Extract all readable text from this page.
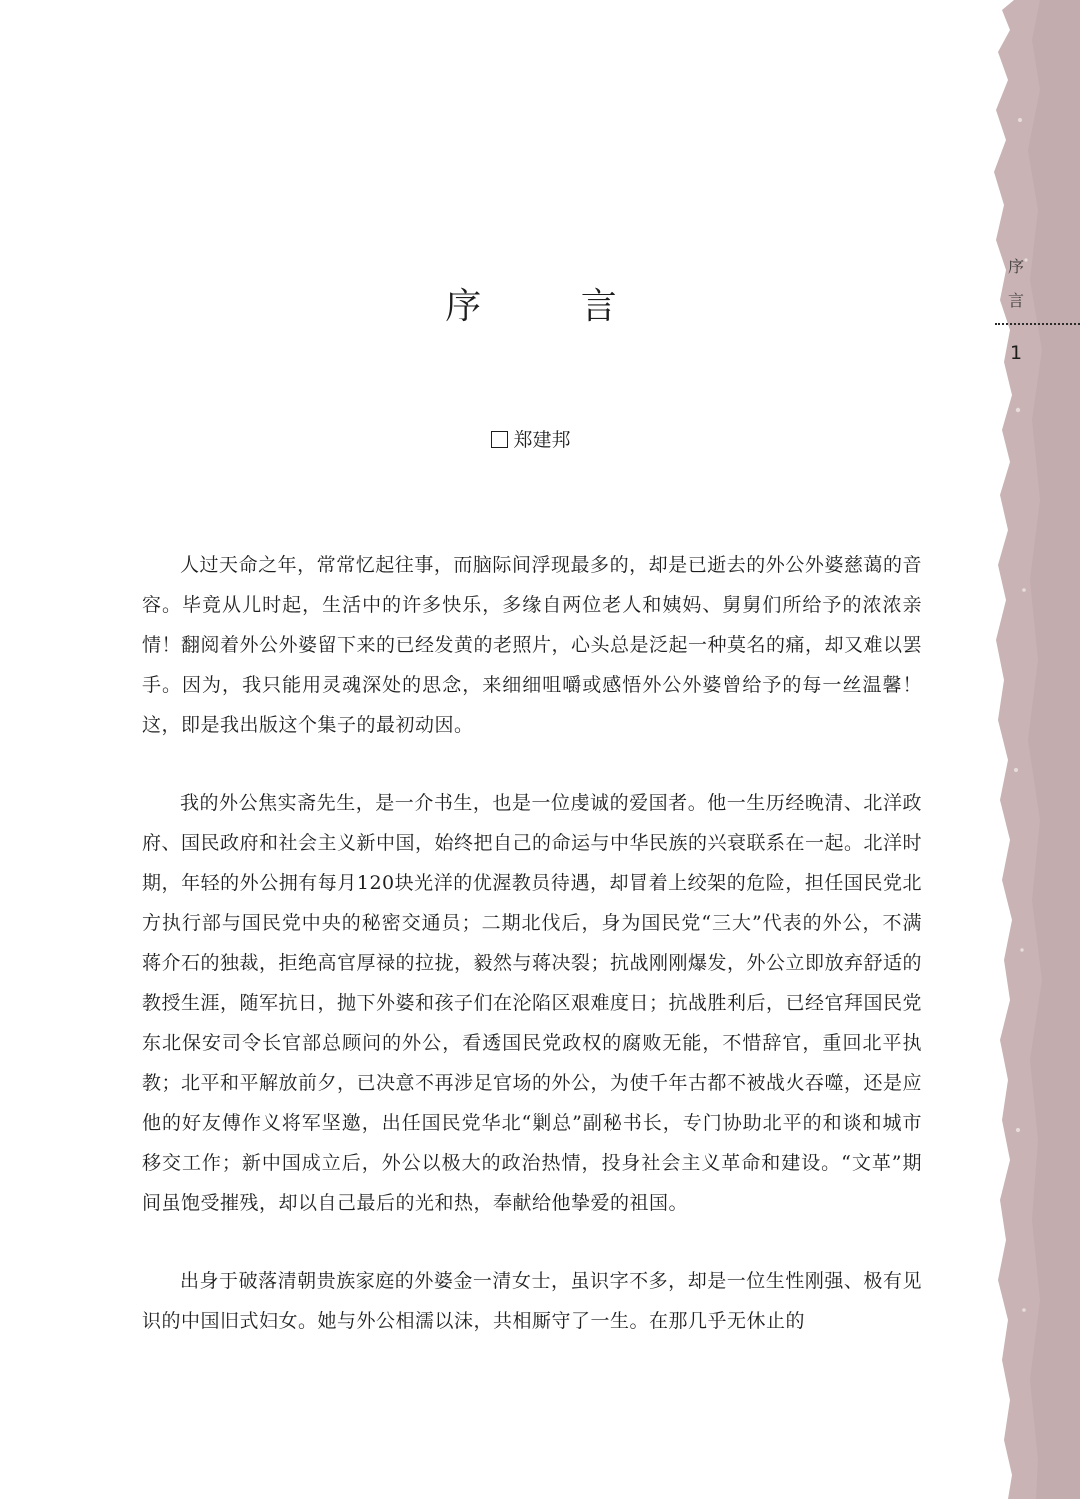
序
言
1
序 言
郑建邦

人过天命之年，常常忆起往事，而脑际间浮现最多的，却是已逝去的外公外婆慈蔼的音容。毕竟从儿时起，生活中的许多快乐，多缘自两位老人和姨妈、舅舅们所给予的浓浓亲情！翻阅着外公外婆留下来的已经发黄的老照片，心头总是泛起一种莫名的痛，却又难以罢手。因为，我只能用灵魂深处的思念，来细细咀嚼或感悟外公外婆曾给予的每一丝温馨！这，即是我出版这个集子的最初动因。

我的外公焦实斋先生，是一介书生，也是一位虔诚的爱国者。他一生历经晚清、北洋政府、国民政府和社会主义新中国，始终把自己的命运与中华民族的兴衰联系在一起。北洋时期，年轻的外公拥有每月120块光洋的优渥教员待遇，却冒着上绞架的危险，担任国民党北方执行部与国民党中央的秘密交通员；二期北伐后，身为国民党“三大”代表的外公，不满蒋介石的独裁，拒绝高官厚禄的拉拢，毅然与蒋决裂；抗战刚刚爆发，外公立即放弃舒适的教授生涯，随军抗日，抛下外婆和孩子们在沦陷区艰难度日；抗战胜利后，已经官拜国民党东北保安司令长官部总顾问的外公，看透国民党政权的腐败无能，不惜辞官，重回北平执教；北平和平解放前夕，已决意不再涉足官场的外公，为使千年古都不被战火吞噬，还是应他的好友傅作义将军坚邀，出任国民党华北“剿总”副秘书长，专门协助北平的和谈和城市移交工作；新中国成立后，外公以极大的政治热情，投身社会主义革命和建设。“文革”期间虽饱受摧残，却以自己最后的光和热，奉献给他挚爱的祖国。

出身于破落清朝贵族家庭的外婆金一清女士，虽识字不多，却是一位生性刚强、极有见识的中国旧式妇女。她与外公相濡以沫，共相厮守了一生。在那几乎无休止的
